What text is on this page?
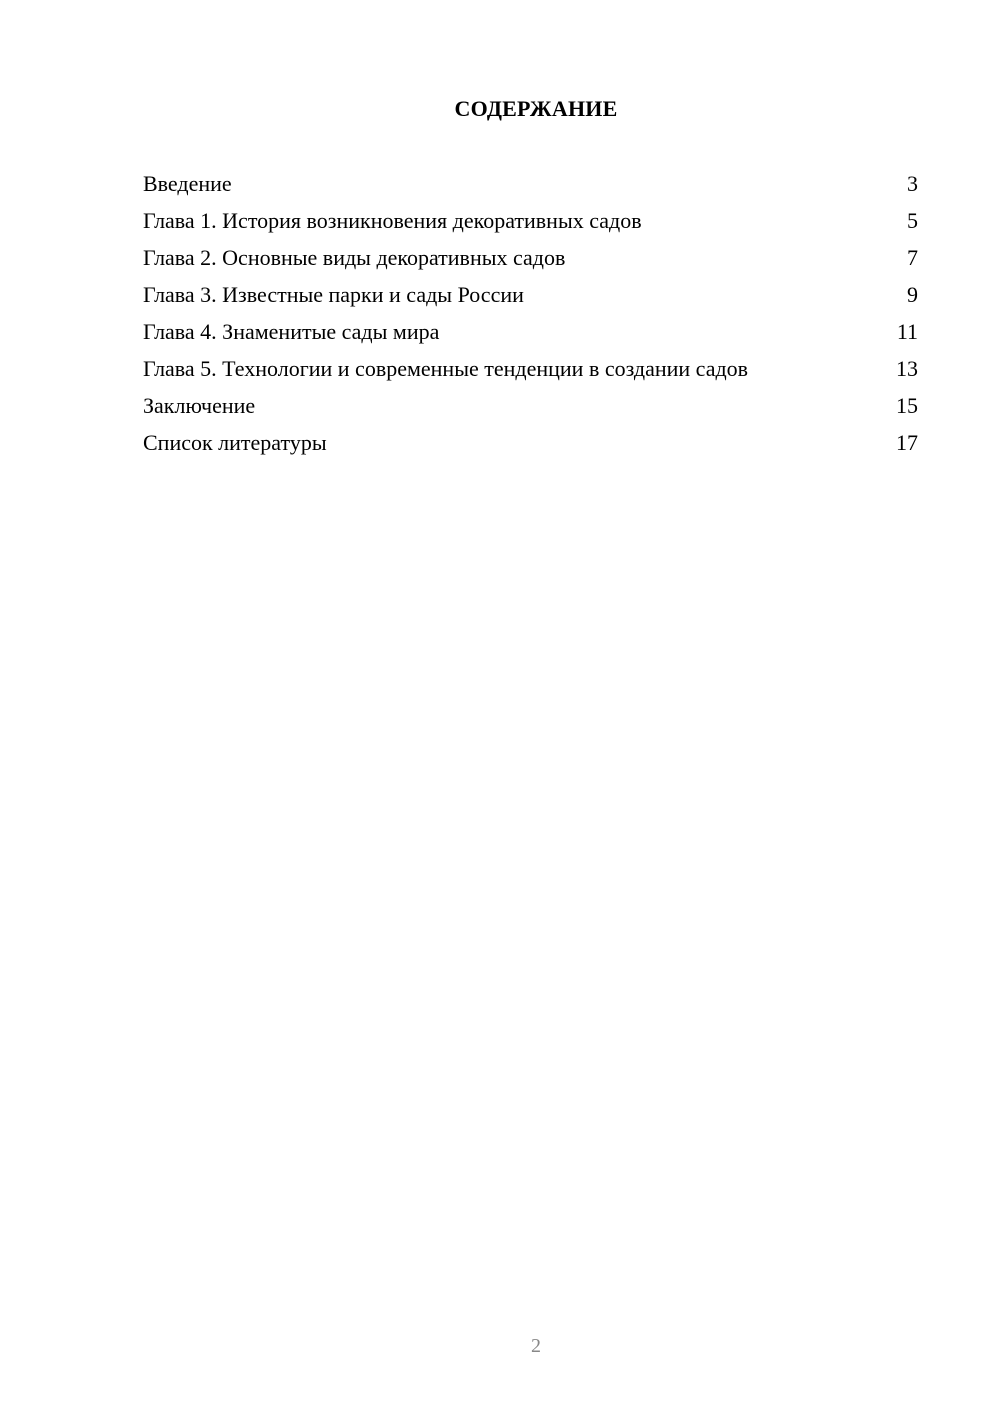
СОДЕРЖАНИЕ
Введение	3
Глава 1. История возникновения декоративных садов	5
Глава 2. Основные виды декоративных садов	7
Глава 3. Известные парки и сады России	9
Глава 4. Знаменитые сады мира	11
Глава 5. Технологии и современные тенденции в создании садов	13
Заключение	15
Список литературы	17
2
